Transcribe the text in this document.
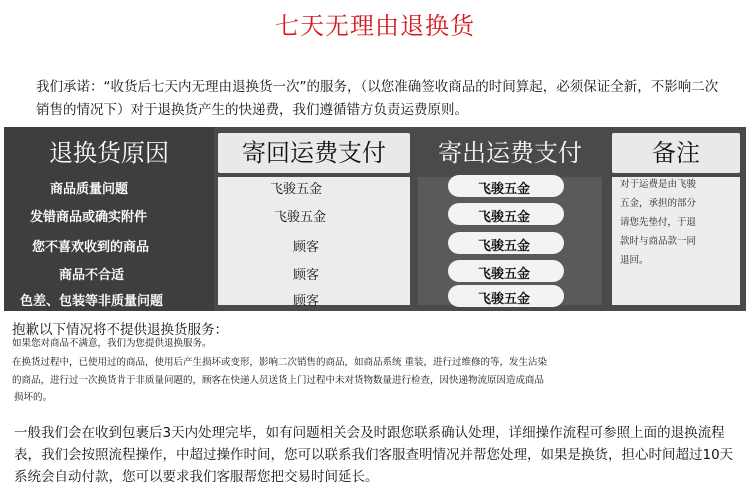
七天无理由退换货
我们承诺：“收货后七天内无理由退换货一次”的服务，（以您准确签收商品的时间算起，必须保证全新，不影响二次销售的情况下）对于退换货产生的快递费，我们遵循错方负责运费原则。
退换货原因
商品质量问题
发错商品或确实附件
您不喜欢收到的商品
商品不合适
色差、包装等非质量问题
寄回运费支付
飞骏五金
飞骏五金
顾客
顾客
顾客
寄出运费支付
飞骏五金
飞骏五金
飞骏五金
飞骏五金
飞骏五金
备注
对于运费是由飞骏
五金，承担的部分
请您先垫付，于退
款时与商品款一同
退回。
抱歉以下情况将不提供退换货服务：
如果您对商品不满意，我们为您提供退换服务。
在换货过程中，已使用过的商品，使用后产生损坏或变形，影响二次销售的商品，如商品系统 重装，进行过维修的等，发生沾染
的商品，进行过一次换货肯于非质量问题的，顾客在快递人员送货上门过程中未对货物数量进行检查，因快递物流原因造成商品
损坏的。
一般我们会在收到包裹后3天内处理完毕，如有问题相关会及时跟您联系确认处理，详细操作流程可参照上面的退换流程表，我们会按照流程操作，中超过操作时间，您可以联系我们客服查明情况并帮您处理，如果是换货，担心时间超过10天系统会自动付款，您可以要求我们客服帮您把交易时间延长。
